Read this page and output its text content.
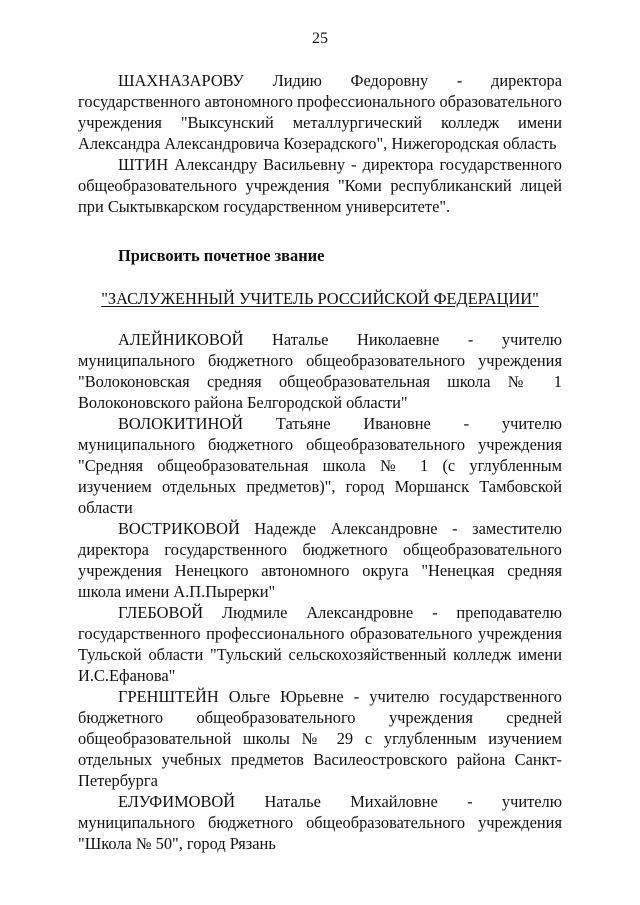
25

ШАХНАЗАРОВУ Лидию Федоровну - директора государственного автономного профессионального образовательного учреждения "Выксунский металлургический колледж имени Александра Александровича Козерадского", Нижегородская область

ШТИН Александру Васильевну - директора государственного общеобразовательного учреждения "Коми республиканский лицей при Сыктывкарском государственном университете".

Присвоить почетное звание

"ЗАСЛУЖЕННЫЙ УЧИТЕЛЬ РОССИЙСКОЙ ФЕДЕРАЦИИ"

АЛЕЙНИКОВОЙ Наталье Николаевне - учителю муниципального бюджетного общеобразовательного учреждения "Волоконовская средняя общеобразовательная школа № 1 Волоконовского района Белгородской области"

ВОЛОКИТИНОЙ Татьяне Ивановне - учителю муниципального бюджетного общеобразовательного учреждения "Средняя общеобразовательная школа № 1 (с углубленным изучением отдельных предметов)", город Моршанск Тамбовской области

ВОСТРИКОВОЙ Надежде Александровне - заместителю директора государственного бюджетного общеобразовательного учреждения Ненецкого автономного округа "Ненецкая средняя школа имени А.П.Пырерки"

ГЛЕБОВОЙ Людмиле Александровне - преподавателю государственного профессионального образовательного учреждения Тульской области "Тульский сельскохозяйственный колледж имени И.С.Ефанова"

ГРЕНШТЕЙН Ольге Юрьевне - учителю государственного бюджетного общеобразовательного учреждения средней общеобразовательной школы № 29 с углубленным изучением отдельных учебных предметов Василеостровского района Санкт-Петербурга

ЕЛУФИМОВОЙ Наталье Михайловне - учителю муниципального бюджетного общеобразовательного учреждения "Школа № 50", город Рязань
